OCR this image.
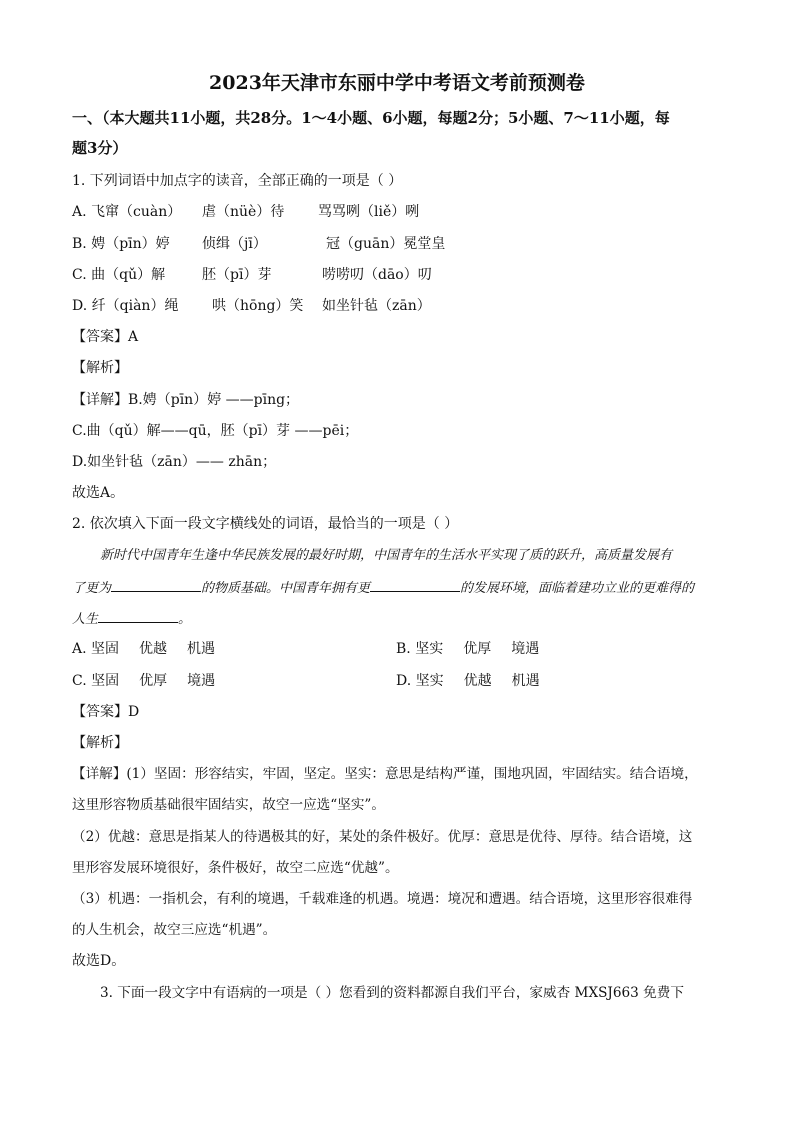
2023年天津市东丽中学中考语文考前预测卷
一、（本大题共11小题，共28分。1～4小题、6小题，每题2分；5小题、7～11小题，每
题3分）
1. 下列词语中加点字的读音，全部正确的一项是（ ）
A. 飞窜（cuàn） 虐（nüè）待 骂骂咧（liě）咧
B. 娉（pīn）婷 侦缉（jī）	冠（guān）冕堂皇
C. 曲（qǔ）解	胚（pī）芽	唠唠叨（dāo）叨
D. 纤（qiàn）绳 哄（hōng）笑 如坐针毡（zān）
【答案】A
【解析】
【详解】B.娉（pīn）婷 ——pīng；
C.曲（qǔ）解——qū，胚（pī）芽 ——pēi；
D.如坐针毡（zān）—— zhān；
故选A。
2. 依次填入下面一段文字横线处的词语，最恰当的一项是（ ）
新时代中国青年生逢中华民族发展的最好时期，中国青年的生活水平实现了质的跃升，高质量发展有
了更为	的物质基础。中国青年拥有更	的发展环境，面临着建功立业的更难得的
人生	。
A. 坚固 优越 机遇	B. 坚实 优厚 境遇
C. 坚固 优厚 境遇	D. 坚实 优越 机遇
【答案】D
【解析】
【详解】(1）坚固：形容结实，牢固，坚定。坚实：意思是结构严谨，围地巩固，牢固结实。结合语境，
这里形容物质基础很牢固结实，故空一应选“坚实”。
（2）优越：意思是指某人的待遇极其的好，某处的条件极好。优厚：意思是优待、厚待。结合语境，这
里形容发展环境很好，条件极好，故空二应选“优越”。
（3）机遇：一指机会，有利的境遇，千载难逢的机遇。境遇：境况和遭遇。结合语境，这里形容很难得
的人生机会，故空三应选“机遇”。
故选D。
3. 下面一段文字中有语病的一项是（ ）您看到的资料都源自我们平台，家威杏 MXSJ663 免费下
